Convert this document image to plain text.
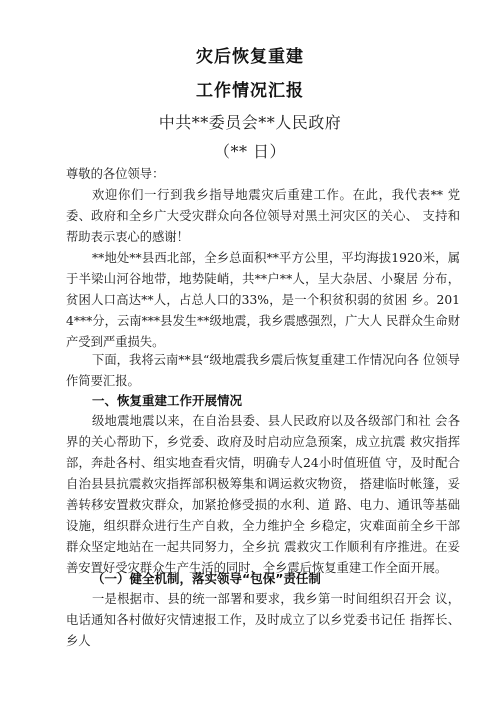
灾后恢复重建
工作情况汇报
中共**委员会**人民政府
（** 日）
尊敬的各位领导：
欢迎你们一行到我乡指导地震灾后重建工作。在此，我代表** 党委、政府和全乡广大受灾群众向各位领导对黑土河灾区的关心、 支持和帮助表示衷心的感谢！
**地处**县西北部，全乡总面积**平方公里，平均海拔1920米，属于半梁山河谷地带，地势陡峭，共**户**人，呈大杂居、小聚居 分布，贫困人口高达**人，占总人口的33%，是一个积贫积弱的贫困 乡。2014***分，云南***县发生**级地震，我乡震感强烈，广大人 民群众生命财产受到严重损失。
下面，我将云南**县“级地震我乡震后恢复重建工作情况向各 位领导作简要汇报。
一、恢复重建工作开展情况
级地震地震以来，在自治县委、县人民政府以及各级部门和社 会各界的关心帮助下，乡党委、政府及时启动应急预案，成立抗震 救灾指挥部，奔赴各村、组实地查看灾情，明确专人24小时值班值 守，及时配合自治县县抗震救灾指挥部积极筹集和调运救灾物资， 搭建临时帐篷，妥善转移安置救灾群众，加紧抢修受损的水利、道 路、电力、通讯等基础设施，组织群众进行生产自救，全力维护全 乡稳定，灾难面前全乡干部群众坚定地站在一起共同努力，全乡抗 震救灾工作顺利有序推进。在妥善安置好受灾群众生产生活的同时，全乡震后恢复重建工作全面开展。
（一）健全机制，落实领导“包保”责任制
一是根据市、县的统一部署和要求，我乡第一时间组织召开会 议，电话通知各村做好灾情速报工作，及时成立了以乡党委书记任 指挥长、乡人
